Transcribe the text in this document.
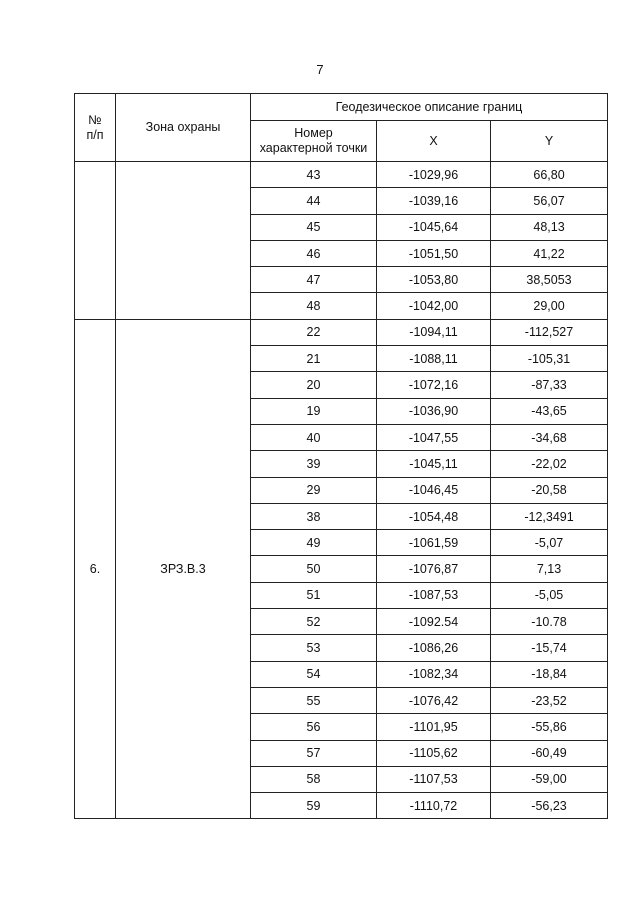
7
№
п/п	Зона охраны	Геодезическое описание границ		
		Номер
характерной точки	X	Y
		43	-1029,96	66,80
		44	-1039,16	56,07
		45	-1045,64	48,13
		46	-1051,50	41,22
		47	-1053,80	38,5053
		48	-1042,00	29,00
6.	ЗРЗ.В.3	22	-1094,11	-112,527
		21	-1088,11	-105,31
		20	-1072,16	-87,33
		19	-1036,90	-43,65
		40	-1047,55	-34,68
		39	-1045,11	-22,02
		29	-1046,45	-20,58
		38	-1054,48	-12,3491
		49	-1061,59	-5,07
		50	-1076,87	7,13
		51	-1087,53	-5,05
		52	-1092.54	-10.78
		53	-1086,26	-15,74
		54	-1082,34	-18,84
		55	-1076,42	-23,52
		56	-1101,95	-55,86
		57	-1105,62	-60,49
		58	-1107,53	-59,00
		59	-1110,72	-56,23
